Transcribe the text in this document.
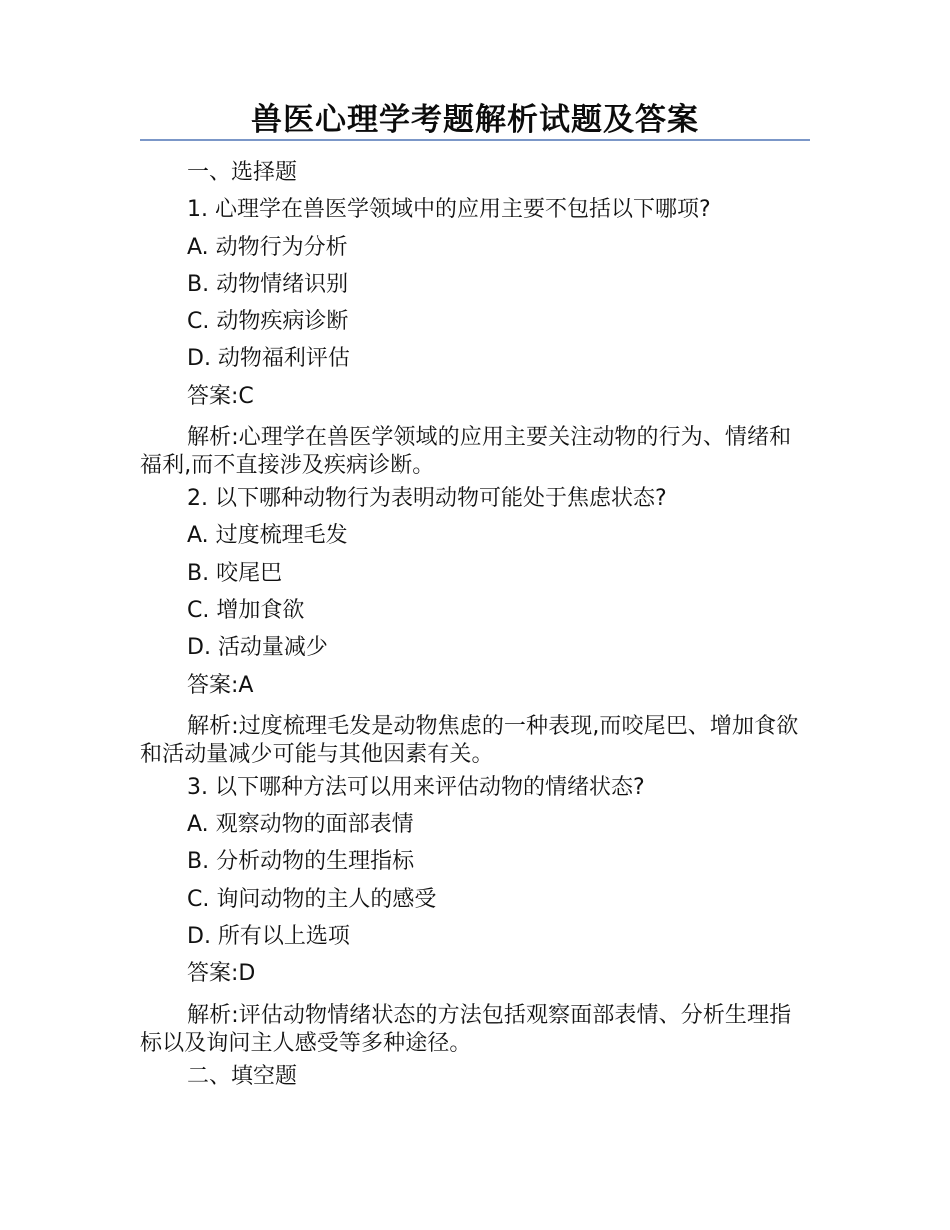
兽医心理学考题解析试题及答案
一、选择题
1. 心理学在兽医学领域中的应用主要不包括以下哪项?
A. 动物行为分析
B. 动物情绪识别
C. 动物疾病诊断
D. 动物福利评估
答案:C
解析:心理学在兽医学领域的应用主要关注动物的行为、情绪和福利,而不直接涉及疾病诊断。
2. 以下哪种动物行为表明动物可能处于焦虑状态?
A. 过度梳理毛发
B. 咬尾巴
C. 增加食欲
D. 活动量减少
答案:A
解析:过度梳理毛发是动物焦虑的一种表现,而咬尾巴、增加食欲和活动量减少可能与其他因素有关。
3. 以下哪种方法可以用来评估动物的情绪状态?
A. 观察动物的面部表情
B. 分析动物的生理指标
C. 询问动物的主人的感受
D. 所有以上选项
答案:D
解析:评估动物情绪状态的方法包括观察面部表情、分析生理指标以及询问主人感受等多种途径。
二、填空题
